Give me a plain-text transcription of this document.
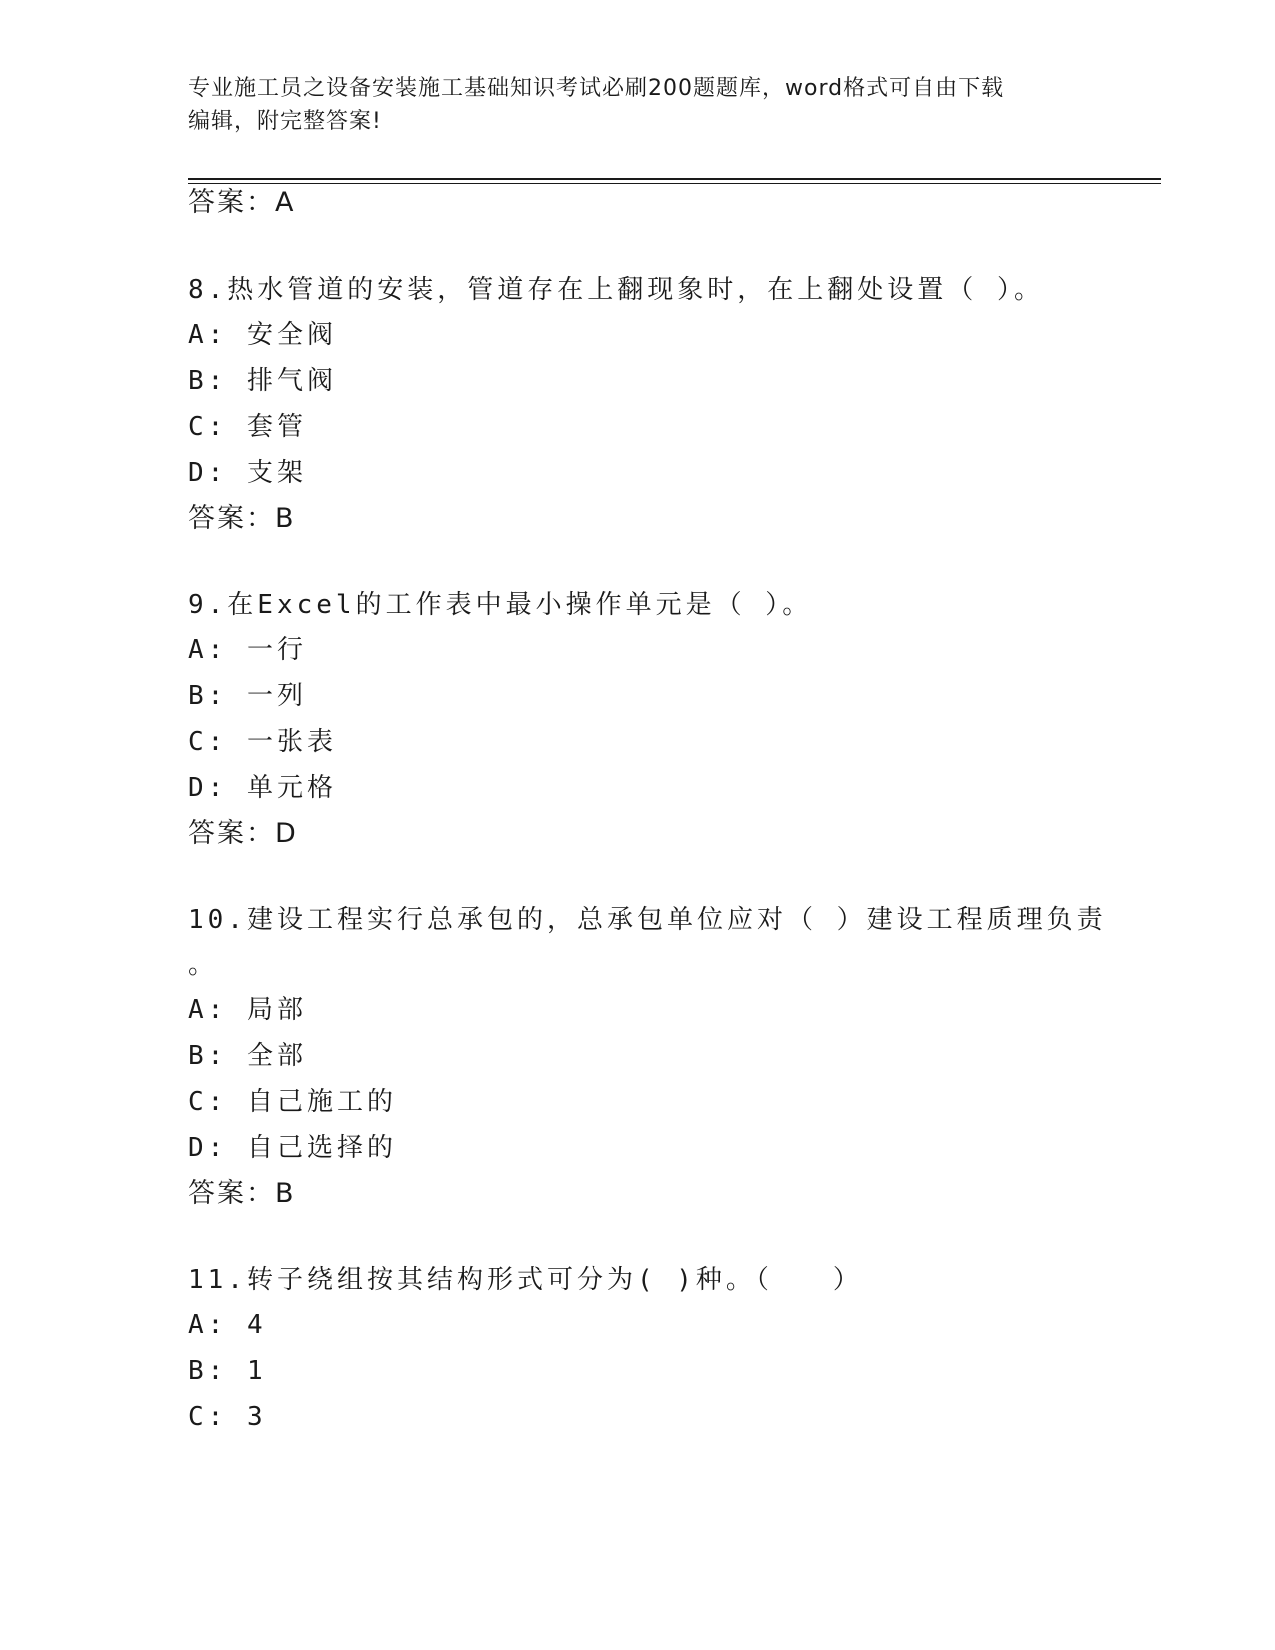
专业施工员之设备安装施工基础知识考试必刷200题题库，word格式可自由下载
编辑，附完整答案!
答案：A
8.热水管道的安装，管道存在上翻现象时，在上翻处设置（ ）。
A: 安全阀
B: 排气阀
C: 套管
D: 支架
答案：B
9.在Excel的工作表中最小操作单元是（ ）。
A: 一行
B: 一列
C: 一张表
D: 单元格
答案：D
10.建设工程实行总承包的，总承包单位应对（ ）建设工程质理负责
。
A: 局部
B: 全部
C: 自己施工的
D: 自己选择的
答案：B
11.转子绕组按其结构形式可分为( )种。（　　）
A: 4
B: 1
C: 3
